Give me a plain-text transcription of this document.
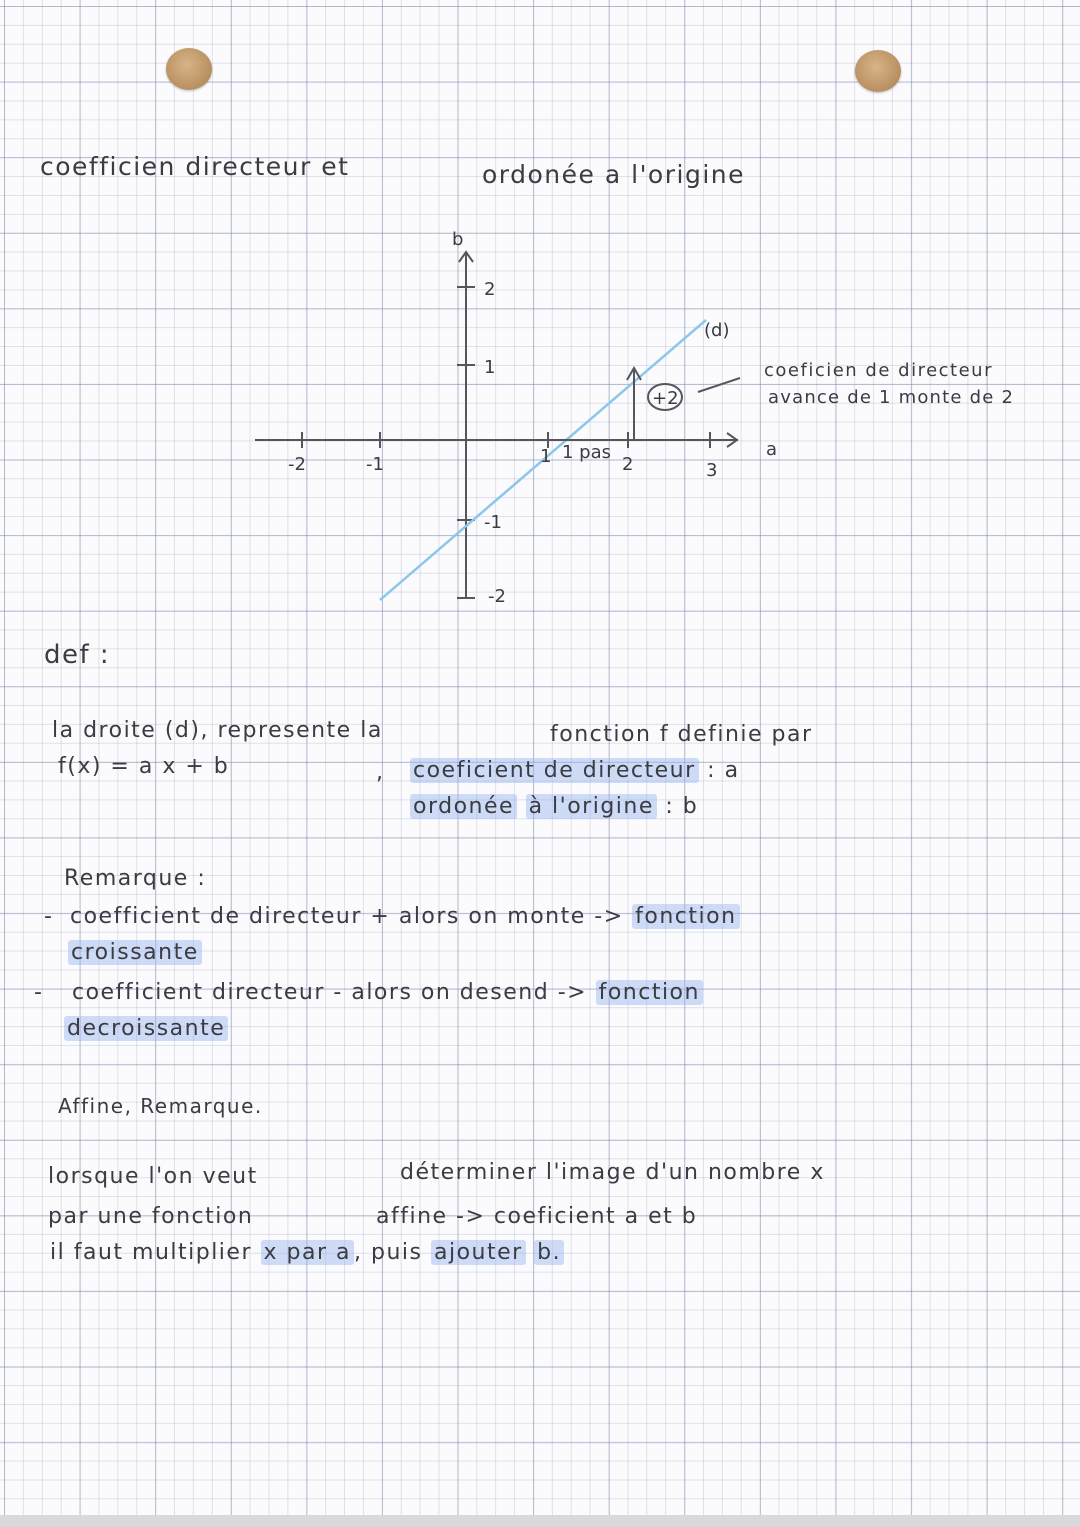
coefficien directeur et	ordonée a l'origine
b
a
(d)
2
1
-1
-2
-2	-1	1	2	3
1 pas
+2
coeficien de directeur
avance de 1 monte de 2
def :
la droite (d), represente la	fonction f definie par
f(x) = a x + b	, coeficient de directeur : a
ordonée à l'origine : b
Remarque :
- coefficient de directeur + alors on monte -> fonction
croissante
- coefficient directeur - alors on desend -> fonction
decroissante
Affine, Remarque.
lorsque l'on veut	déterminer l'image d'un nombre x
par une fonction	affine -> coeficient a et b
il faut multiplier x par a , puis ajouter b.
